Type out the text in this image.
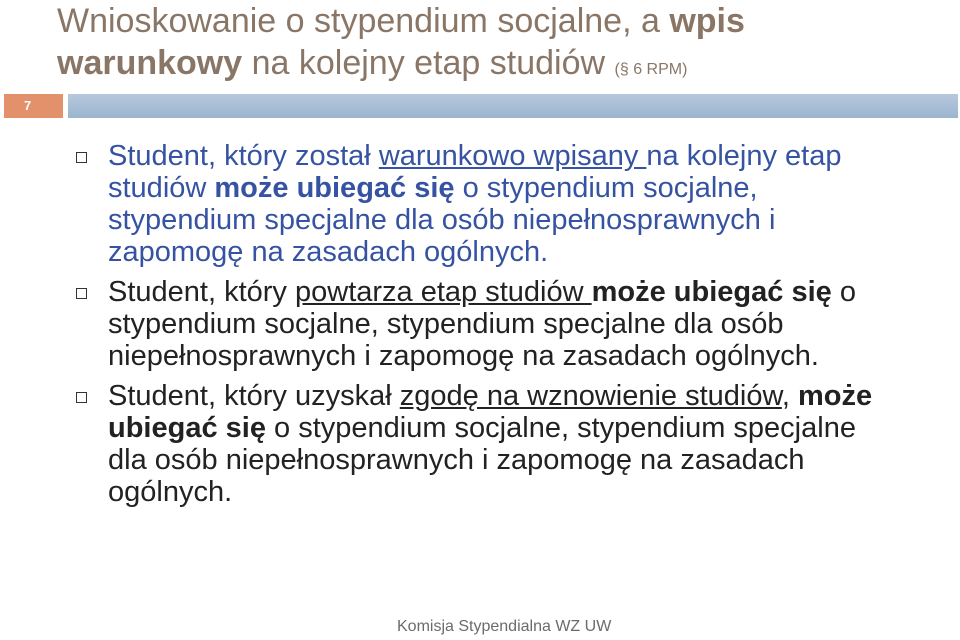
Wnioskowanie o stypendium socjalne, a wpis
warunkowy na kolejny etap studiów (§ 6 RPM)
7
Student, który został warunkowo wpisany na kolejny etap studiów może ubiegać się o stypendium socjalne, stypendium specjalne dla osób niepełnosprawnych i zapomogę na zasadach ogólnych.
Student, który powtarza etap studiów może ubiegać się o stypendium socjalne, stypendium specjalne dla osób niepełnosprawnych i zapomogę na zasadach ogólnych.
Student, który uzyskał zgodę na wznowienie studiów, może ubiegać się o stypendium socjalne, stypendium specjalne dla osób niepełnosprawnych i zapomogę na zasadach ogólnych.
Komisja Stypendialna WZ UW
